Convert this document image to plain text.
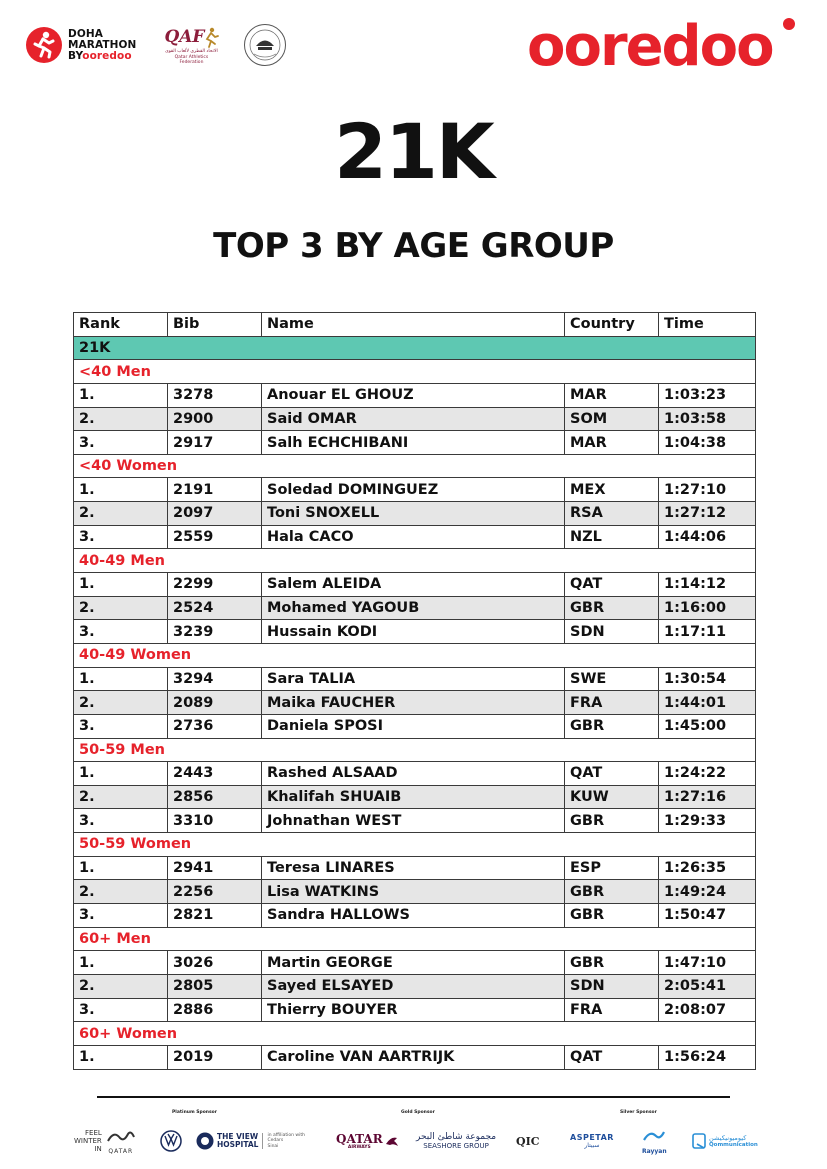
DOHA
MARATHON
BYooredoo
QAF
الاتحاد القطري لألعاب القوى
Qatar Athletics Federation	ooredoo
21K
TOP 3 BY AGE GROUP
Rank	Bib	Name	Country	Time
21K				
<40 Men				
1.	3278	Anouar EL GHOUZ	MAR	1:03:23
2.	2900	Said OMAR	SOM	1:03:58
3.	2917	Salh ECHCHIBANI	MAR	1:04:38
<40 Women				
1.	2191	Soledad DOMINGUEZ	MEX	1:27:10
2.	2097	Toni SNOXELL	RSA	1:27:12
3.	2559	Hala CACO	NZL	1:44:06
40-49 Men				
1.	2299	Salem ALEIDA	QAT	1:14:12
2.	2524	Mohamed YAGOUB	GBR	1:16:00
3.	3239	Hussain KODI	SDN	1:17:11
40-49 Women				
1.	3294	Sara TALIA	SWE	1:30:54
2.	2089	Maika FAUCHER	FRA	1:44:01
3.	2736	Daniela SPOSI	GBR	1:45:00
50-59 Men				
1.	2443	Rashed ALSAAD	QAT	1:24:22
2.	2856	Khalifah SHUAIB	KUW	1:27:16
3.	3310	Johnathan WEST	GBR	1:29:33
50-59 Women				
1.	2941	Teresa LINARES	ESP	1:26:35
2.	2256	Lisa WATKINS	GBR	1:49:24
3.	2821	Sandra HALLOWS	GBR	1:50:47
60+ Men				
1.	3026	Martin GEORGE	GBR	1:47:10
2.	2805	Sayed ELSAYED	SDN	2:05:41
3.	2886	Thierry BOUYER	FRA	2:08:07
60+ Women				
1.	2019	Caroline VAN AARTRIJK	QAT	1:56:24
Platinum Sponsor	Gold Sponsor	Silver Sponsor
FEEL
WINTER
IN	QATAR
THE VIEW
HOSPITAL
in affiliation with
Cedars
Sinai
QATAR
AIRWAYS
مجموعة شاطئ البحر
SEASHORE GROUP	QIC	ASPETAR
سبيتار
Rayyan
كيوميونيكيشن
Qommunication
